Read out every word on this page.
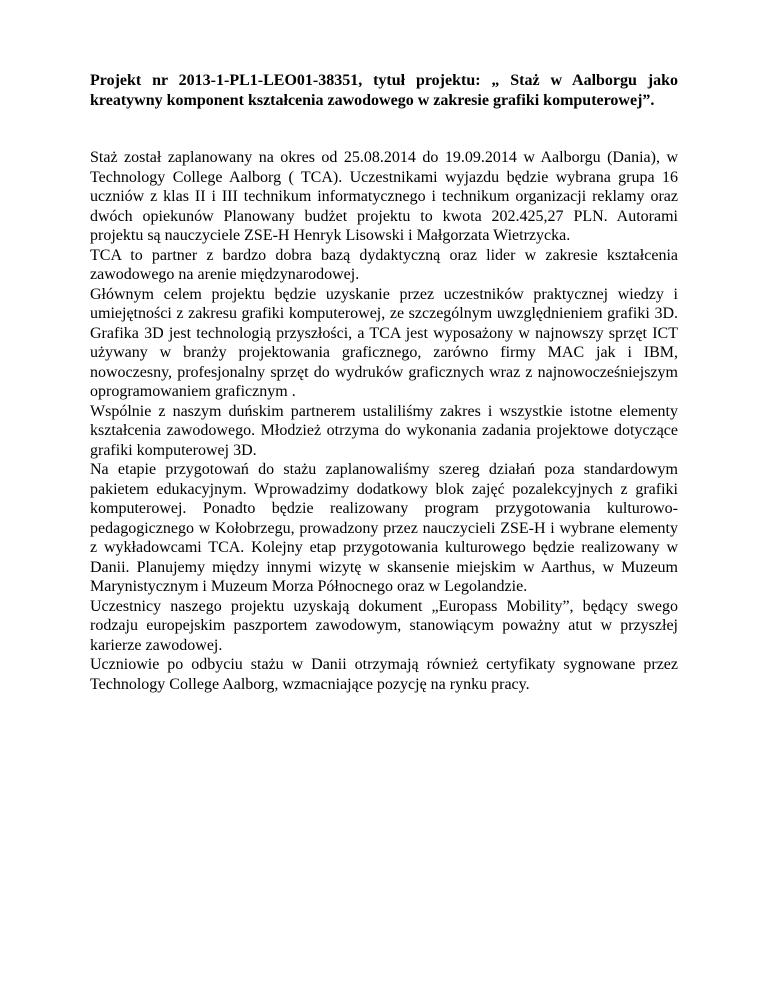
Projekt nr 2013-1-PL1-LEO01-38351, tytuł projektu: „ Staż w Aalborgu jako kreatywny komponent kształcenia zawodowego w zakresie grafiki komputerowej”.

Staż został zaplanowany na okres od 25.08.2014 do 19.09.2014 w Aalborgu (Dania), w Technology College Aalborg ( TCA). Uczestnikami wyjazdu będzie wybrana grupa 16 uczniów z klas II i III technikum informatycznego i technikum organizacji reklamy oraz dwóch opiekunów Planowany budżet projektu to kwota 202.425,27 PLN. Autorami projektu są nauczyciele ZSE-H Henryk Lisowski i Małgorzata Wietrzycka.

TCA to partner z bardzo dobra bazą dydaktyczną oraz lider w zakresie kształcenia zawodowego na arenie międzynarodowej.

Głównym celem projektu będzie uzyskanie przez uczestników praktycznej wiedzy i umiejętności z zakresu grafiki komputerowej, ze szczególnym uwzględnieniem grafiki 3D. Grafika 3D jest technologią przyszłości, a TCA jest wyposażony w najnowszy sprzęt ICT używany w branży projektowania graficznego, zarówno firmy MAC jak i IBM, nowoczesny, profesjonalny sprzęt do wydruków graficznych wraz z najnowocześniejszym oprogramowaniem graficznym .

Wspólnie z naszym duńskim partnerem ustaliliśmy zakres i wszystkie istotne elementy kształcenia zawodowego. Młodzież otrzyma do wykonania zadania projektowe dotyczące grafiki komputerowej 3D.

Na etapie przygotowań do stażu zaplanowaliśmy szereg działań poza standardowym pakietem edukacyjnym. Wprowadzimy dodatkowy blok zajęć pozalekcyjnych z grafiki komputerowej. Ponadto będzie realizowany program przygotowania kulturowo-pedagogicznego w Kołobrzegu, prowadzony przez nauczycieli ZSE-H i wybrane elementy z wykładowcami TCA. Kolejny etap przygotowania kulturowego będzie realizowany w Danii. Planujemy między innymi wizytę w skansenie miejskim w Aarthus, w Muzeum Marynistycznym i Muzeum Morza Północnego oraz w Legolandzie.

Uczestnicy naszego projektu uzyskają dokument „Europass Mobility”, będący swego rodzaju europejskim paszportem zawodowym, stanowiącym poważny atut w przyszłej karierze zawodowej.

Uczniowie po odbyciu stażu w Danii otrzymają również certyfikaty sygnowane przez Technology College Aalborg, wzmacniające pozycję na rynku pracy.
